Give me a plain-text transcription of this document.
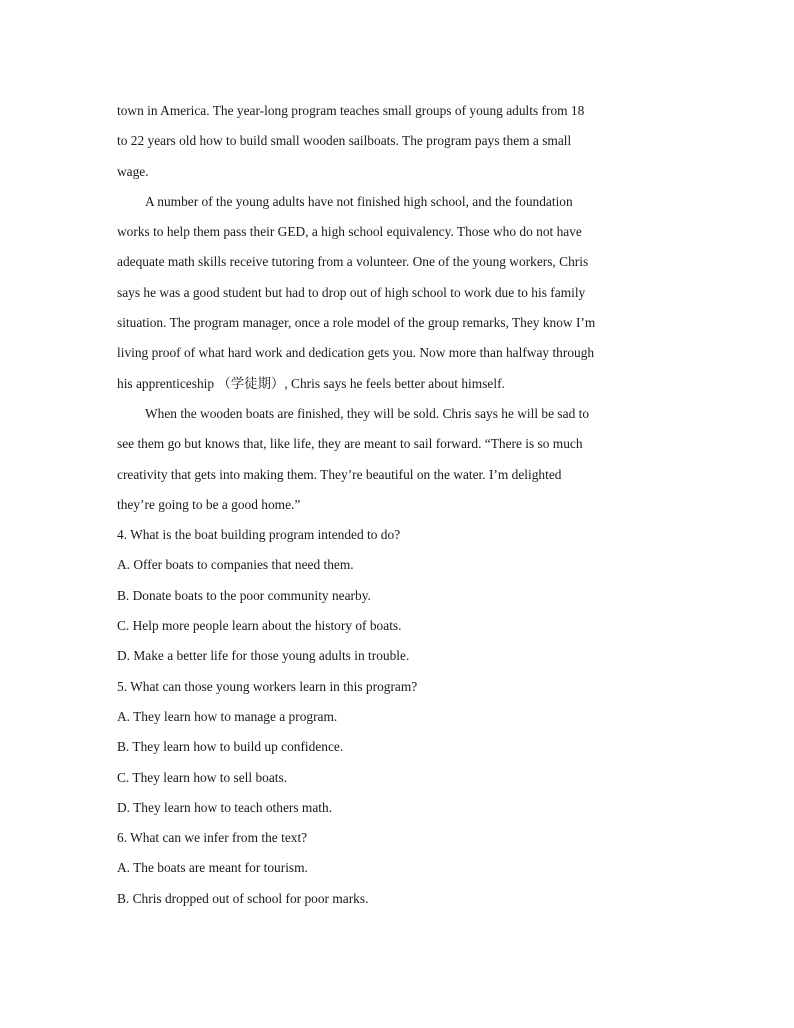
town in America. The year-long program teaches small groups of young adults from 18
to 22 years old how to build small wooden sailboats. The program pays them a small
wage.
A number of the young adults have not finished high school, and the foundation
works to help them pass their GED, a high school equivalency. Those who do not have
adequate math skills receive tutoring from a volunteer. One of the young workers, Chris
says he was a good student but had to drop out of high school to work due to his family
situation. The program manager, once a role model of the group remarks, They know I’m
living proof of what hard work and dedication gets you. Now more than halfway through
his apprenticeship （学徒期）, Chris says he feels better about himself.
When the wooden boats are finished, they will be sold. Chris says he will be sad to
see them go but knows that, like life, they are meant to sail forward. “There is so much
creativity that gets into making them. They’re beautiful on the water. I’m delighted
they’re going to be a good home.”
4. What is the boat building program intended to do?
A. Offer boats to companies that need them.
B. Donate boats to the poor community nearby.
C. Help more people learn about the history of boats.
D. Make a better life for those young adults in trouble.
5. What can those young workers learn in this program?
A. They learn how to manage a program.
B. They learn how to build up confidence.
C. They learn how to sell boats.
D. They learn how to teach others math.
6. What can we infer from the text?
A. The boats are meant for tourism.
B. Chris dropped out of school for poor marks.
